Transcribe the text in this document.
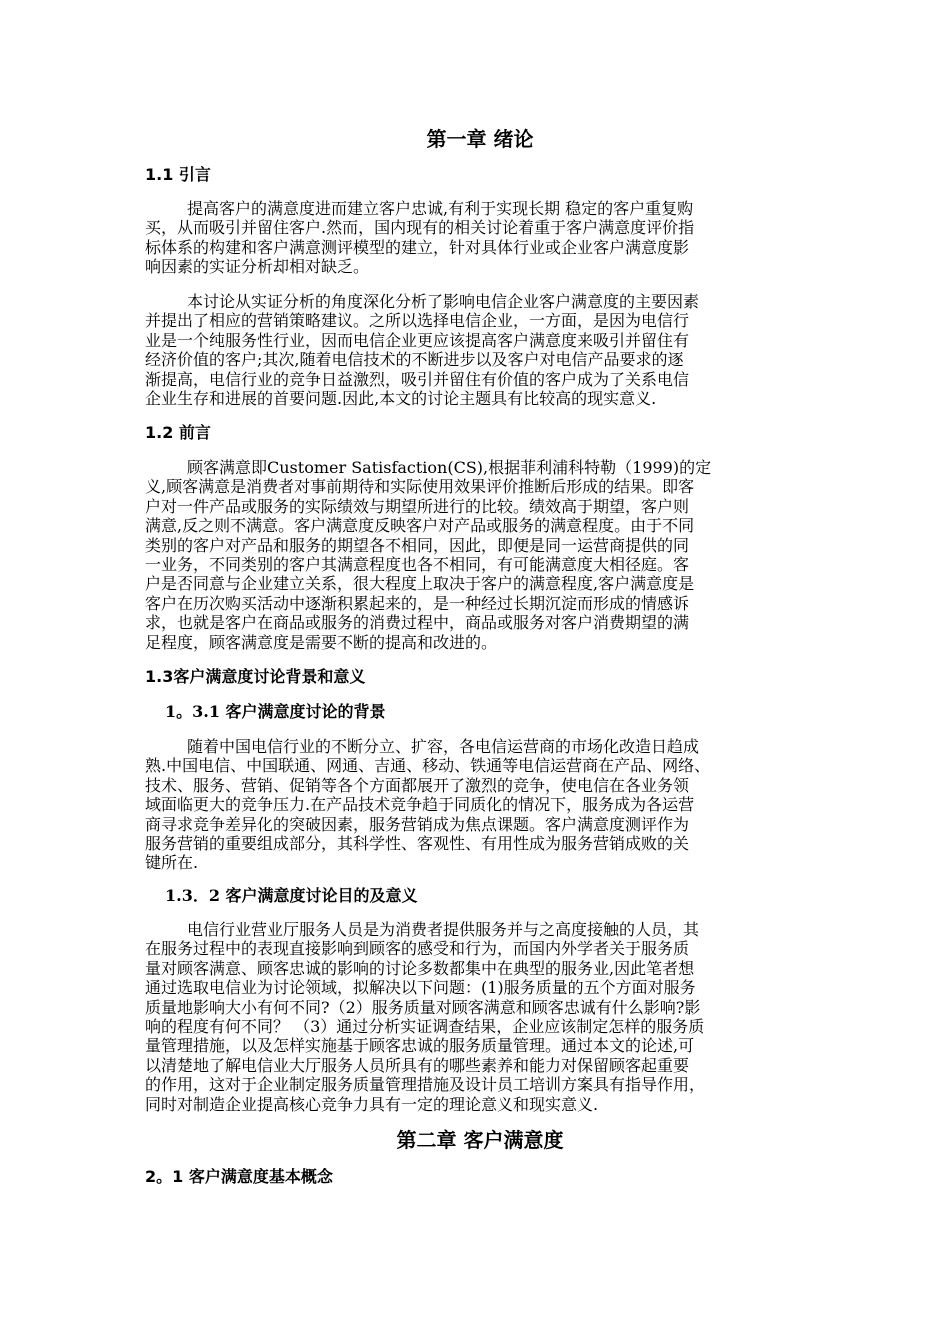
第一章 绪论
1.1 引言

提高客户的满意度进而建立客户忠诚,有利于实现长期 稳定的客户重复购
买，从而吸引并留住客户.然而，国内现有的相关讨论着重于客户满意度评价指
标体系的构建和客户满意测评模型的建立，针对具体行业或企业客户满意度影
响因素的实证分析却相对缺乏。

本讨论从实证分析的角度深化分析了影响电信企业客户满意度的主要因素
并提出了相应的营销策略建议。之所以选择电信企业，一方面，是因为电信行
业是一个纯服务性行业，因而电信企业更应该提高客户满意度来吸引并留住有
经济价值的客户;其次,随着电信技术的不断进步以及客户对电信产品要求的逐
渐提高，电信行业的竞争日益激烈，吸引并留住有价值的客户成为了关系电信
企业生存和进展的首要问题.因此,本文的讨论主题具有比较高的现实意义.

1.2 前言

顾客满意即Customer Satisfaction(CS),根据菲利浦科特勒（1999)的定
义,顾客满意是消费者对事前期待和实际使用效果评价推断后形成的结果。即客
户对一件产品或服务的实际绩效与期望所进行的比较。绩效高于期望，客户则
满意,反之则不满意。客户满意度反映客户对产品或服务的满意程度。由于不同
类别的客户对产品和服务的期望各不相同，因此，即便是同一运营商提供的同
一业务，不同类别的客户其满意程度也各不相同，有可能满意度大相径庭。客
户是否同意与企业建立关系，很大程度上取决于客户的满意程度,客户满意度是
客户在历次购买活动中逐渐积累起来的，是一种经过长期沉淀而形成的情感诉
求，也就是客户在商品或服务的消费过程中，商品或服务对客户消费期望的满
足程度，顾客满意度是需要不断的提高和改进的。

1.3客户满意度讨论背景和意义
1。3.1 客户满意度讨论的背景

随着中国电信行业的不断分立、扩容，各电信运营商的市场化改造日趋成
熟.中国电信、中国联通、网通、吉通、移动、铁通等电信运营商在产品、网络、
技术、服务、营销、促销等各个方面都展开了激烈的竞争，使电信在各业务领
域面临更大的竞争压力.在产品技术竞争趋于同质化的情况下，服务成为各运营
商寻求竞争差异化的突破因素，服务营销成为焦点课题。客户满意度测评作为
服务营销的重要组成部分，其科学性、客观性、有用性成为服务营销成败的关
键所在.

1.3．2 客户满意度讨论目的及意义

电信行业营业厅服务人员是为消费者提供服务并与之高度接触的人员，其
在服务过程中的表现直接影响到顾客的感受和行为，而国内外学者关于服务质
量对顾客满意、顾客忠诚的影响的讨论多数都集中在典型的服务业,因此笔者想
通过选取电信业为讨论领域，拟解决以下问题：(1)服务质量的五个方面对服务
质量地影响大小有何不同?（2）服务质量对顾客满意和顾客忠诚有什么影响?影
响的程度有何不同？ （3）通过分析实证调查结果，企业应该制定怎样的服务质
量管理措施，以及怎样实施基于顾客忠诚的服务质量管理。通过本文的论述,可
以清楚地了解电信业大厅服务人员所具有的哪些素养和能力对保留顾客起重要
的作用，这对于企业制定服务质量管理措施及设计员工培训方案具有指导作用，
同时对制造企业提高核心竞争力具有一定的理论意义和现实意义.

第二章 客户满意度
2。1 客户满意度基本概念
